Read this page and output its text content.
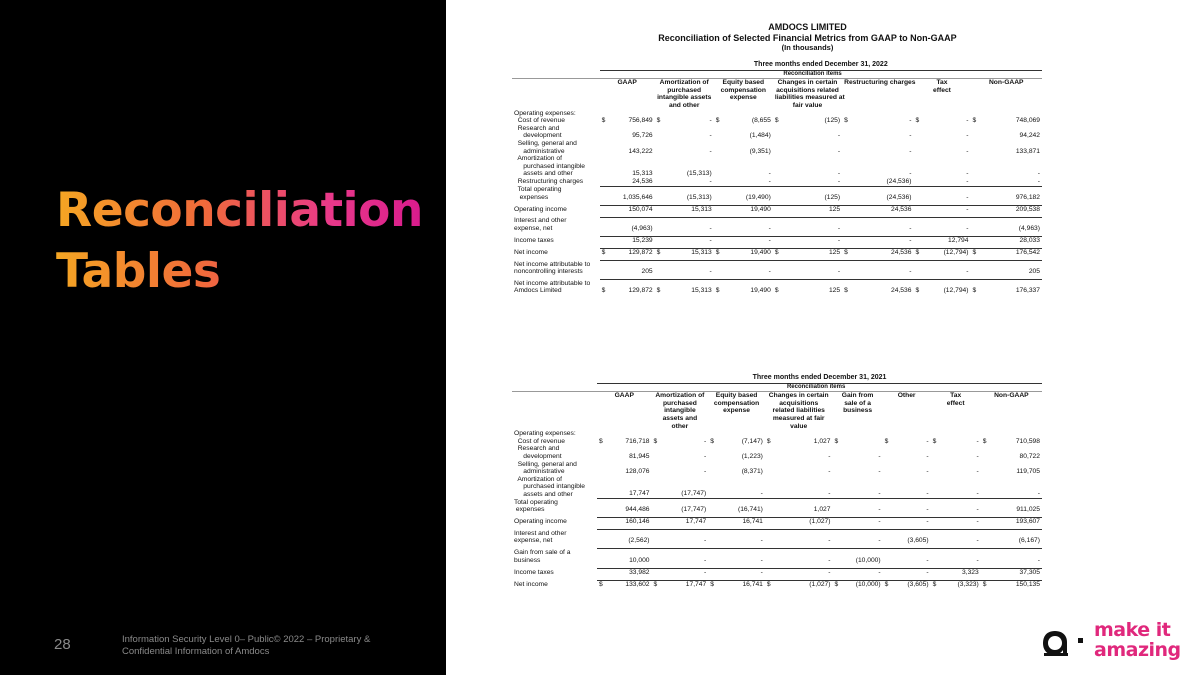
Reconciliation
Tables
28	Information Security Level 0– Public© 2022 – Proprietary & Confidential Information of Amdocs
AMDOCS LIMITED
Reconciliation of Selected Financial Metrics from GAAP to Non-GAAP
(In thousands)
	Three months ended December 31, 2022													
			Reconciliation items											
	GAAP		Amortization of
purchased
intangible assets
and other		Equity based
compensation
expense		Changes in certain
acquisitions related
liabilities measured at
fair value		Restructuring charges		Tax
effect		Non-GAAP	
Operating expenses:														
Cost of revenue	$	756,849	$	-	$	(8,655	$	(125)	$	-	$	-	$	748,069
Research and
development		95,726		-		(1,484)		-		-		-		94,242
Selling, general and
administrative		143,222		-		(9,351)		-		-		-		133,871
Amortization of
purchased intangible
assets and other		15,313		(15,313)		-		-		-		-		-
Restructuring charges		24,536		-		-		-		(24,536)		-		-
Total operating
expenses		1,035,646		(15,313)		(19,490)		(125)		(24,536)		-		976,182

Operating income		150,074		15,313		19,490		125		24,536		-		209,538

Interest and other
expense, net		(4,963)		-		-		-		-		-		(4,963)

Income taxes		15,239		-		-		-		-		12,794		28,033

Net income	$	129,872	$	15,313	$	19,490	$	125	$	24,536	$	(12,794)	$	176,542

Net income attributable to
noncontrolling interests		205		-		-		-		-		-		205

Net income attributable to
Amdocs Limited	$	129,872	$	15,313	$	19,490	$	125	$	24,536	$	(12,794)	$	176,337
	Three months ended December 31, 2021															
			Reconciliation items													
	GAAP		Amortization of
purchased
intangible
assets and
other		Equity based
compensation
expense		Changes in certain
acquisitions
related liabilities
measured at fair
value		Gain from
sale of a
business		Other		Tax
effect		Non-GAAP	
Operating expenses:																
Cost of revenue	$	716,718	$	-	$	(7,147)	$	1,027	$		$	-	$	-	$	710,598
Research and
development		81,945		-		(1,223)		-		-		-		-		80,722
Selling, general and
administrative		128,076		-		(8,371)		-		-		-		-		119,705
Amortization of
purchased intangible
assets and other		17,747		(17,747)		-		-		-		-		-		-
Total operating
expenses		944,486		(17,747)		(16,741)		1,027		-		-		-		911,025

Operating income		160,146		17,747		16,741		(1,027)		-		-		-		193,607

Interest and other
expense, net		(2,562)		-		-		-		-		(3,605)		-		(6,167)

Gain from sale of a
business		10,000		-		-		-		(10,000)		-		-		-

Income taxes		33,982		-		-		-		-		-		3,323		37,305

Net income	$	133,602	$	17,747	$	16,741	$	(1,027)	$	(10,000)	$	(3,605)	$	(3,323)	$	150,135
make it
amazing
